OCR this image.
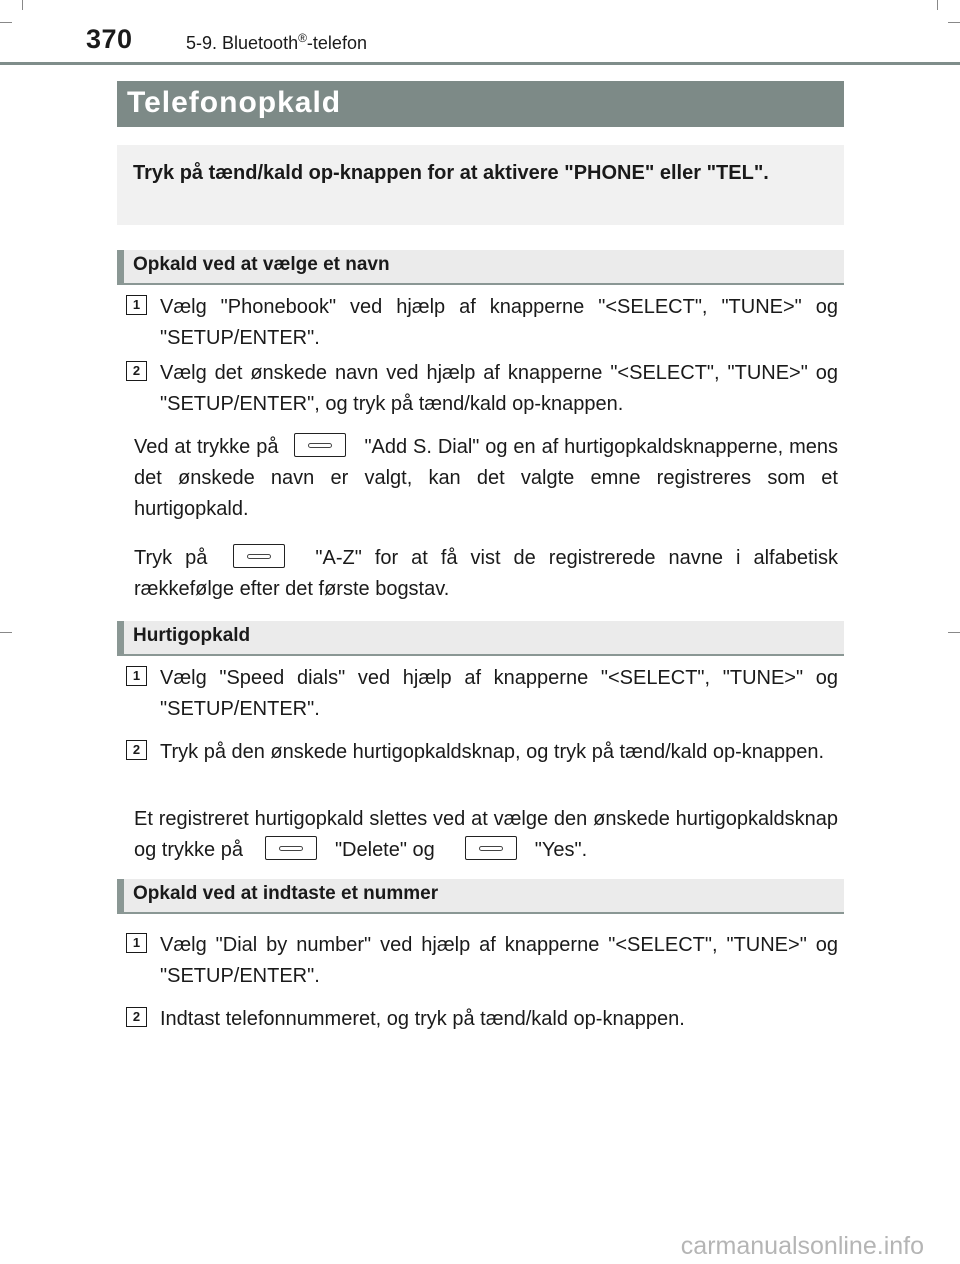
370	5-9. Bluetooth®-telefon
Telefonopkald
Tryk på tænd/kald op-knappen for at aktivere "PHONE" eller "TEL".
Opkald ved at vælge et navn
1 Vælg "Phonebook" ved hjælp af knapperne "<SELECT", "TUNE>" og "SETUP/ENTER".
2 Vælg det ønskede navn ved hjælp af knapperne "<SELECT", "TUNE>" og "SETUP/ENTER", og tryk på tænd/kald op-knappen.
Ved at trykke på	"Add S. Dial" og en af hurtigopkaldsknapperne, mens det ønskede navn er valgt, kan det valgte emne registreres som et hurtigopkald.
Tryk på	"A-Z" for at få vist de registrerede navne i alfabetisk rækkefølge efter det første bogstav.
Hurtigopkald
1 Vælg "Speed dials" ved hjælp af knapperne "<SELECT", "TUNE>" og "SETUP/ENTER".
2 Tryk på den ønskede hurtigopkaldsknap, og tryk på tænd/kald op-knappen.
Et registreret hurtigopkald slettes ved at vælge den ønskede hurtigopkaldsknap og trykke på	"Delete" og	"Yes".
Opkald ved at indtaste et nummer
1 Vælg "Dial by number" ved hjælp af knapperne "<SELECT", "TUNE>" og "SETUP/ENTER".
2 Indtast telefonnummeret, og tryk på tænd/kald op-knappen.
carmanualsonline.info
